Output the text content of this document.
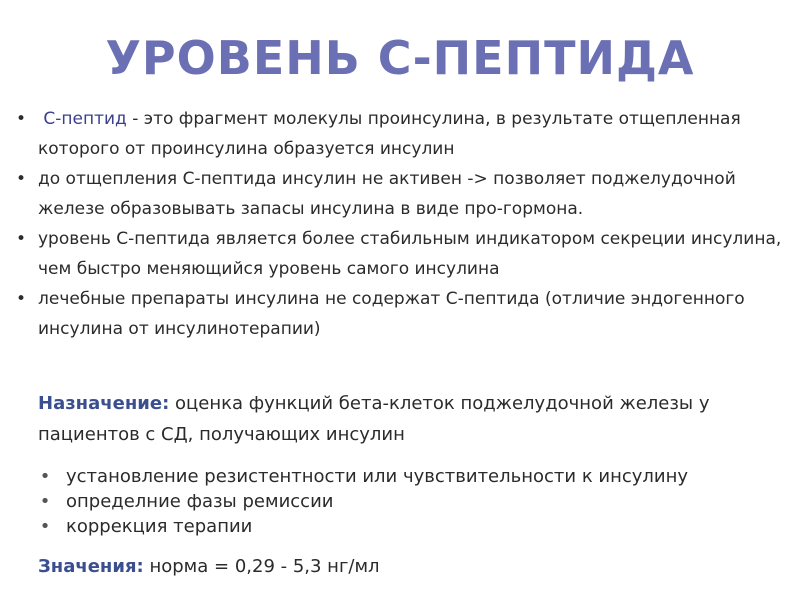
УРОВЕНЬ С-ПЕПТИДА
• С-пептид - это фрагмент молекулы проинсулина, в результате отщепленная которого от проинсулина образуется инсулин
• до отщепления С-пептида инсулин не активен -> позволяет поджелудочной железе образовывать запасы инсулина в виде про-гормона.
• уровень С-пептида является более стабильным индикатором секреции инсулина, чем быстро меняющийся уровень самого инсулина
• лечебные препараты инсулина не содержат С-пептида (отличие эндогенного инсулина от инсулинотерапии)
Назначение: оценка функций бета-клеток поджелудочной железы у пациентов с СД, получающих инсулин
• установление резистентности или чувствительности к инсулину
• определние фазы ремиссии
• коррекция терапии
Значения: норма = 0,29 - 5,3 нг/мл
